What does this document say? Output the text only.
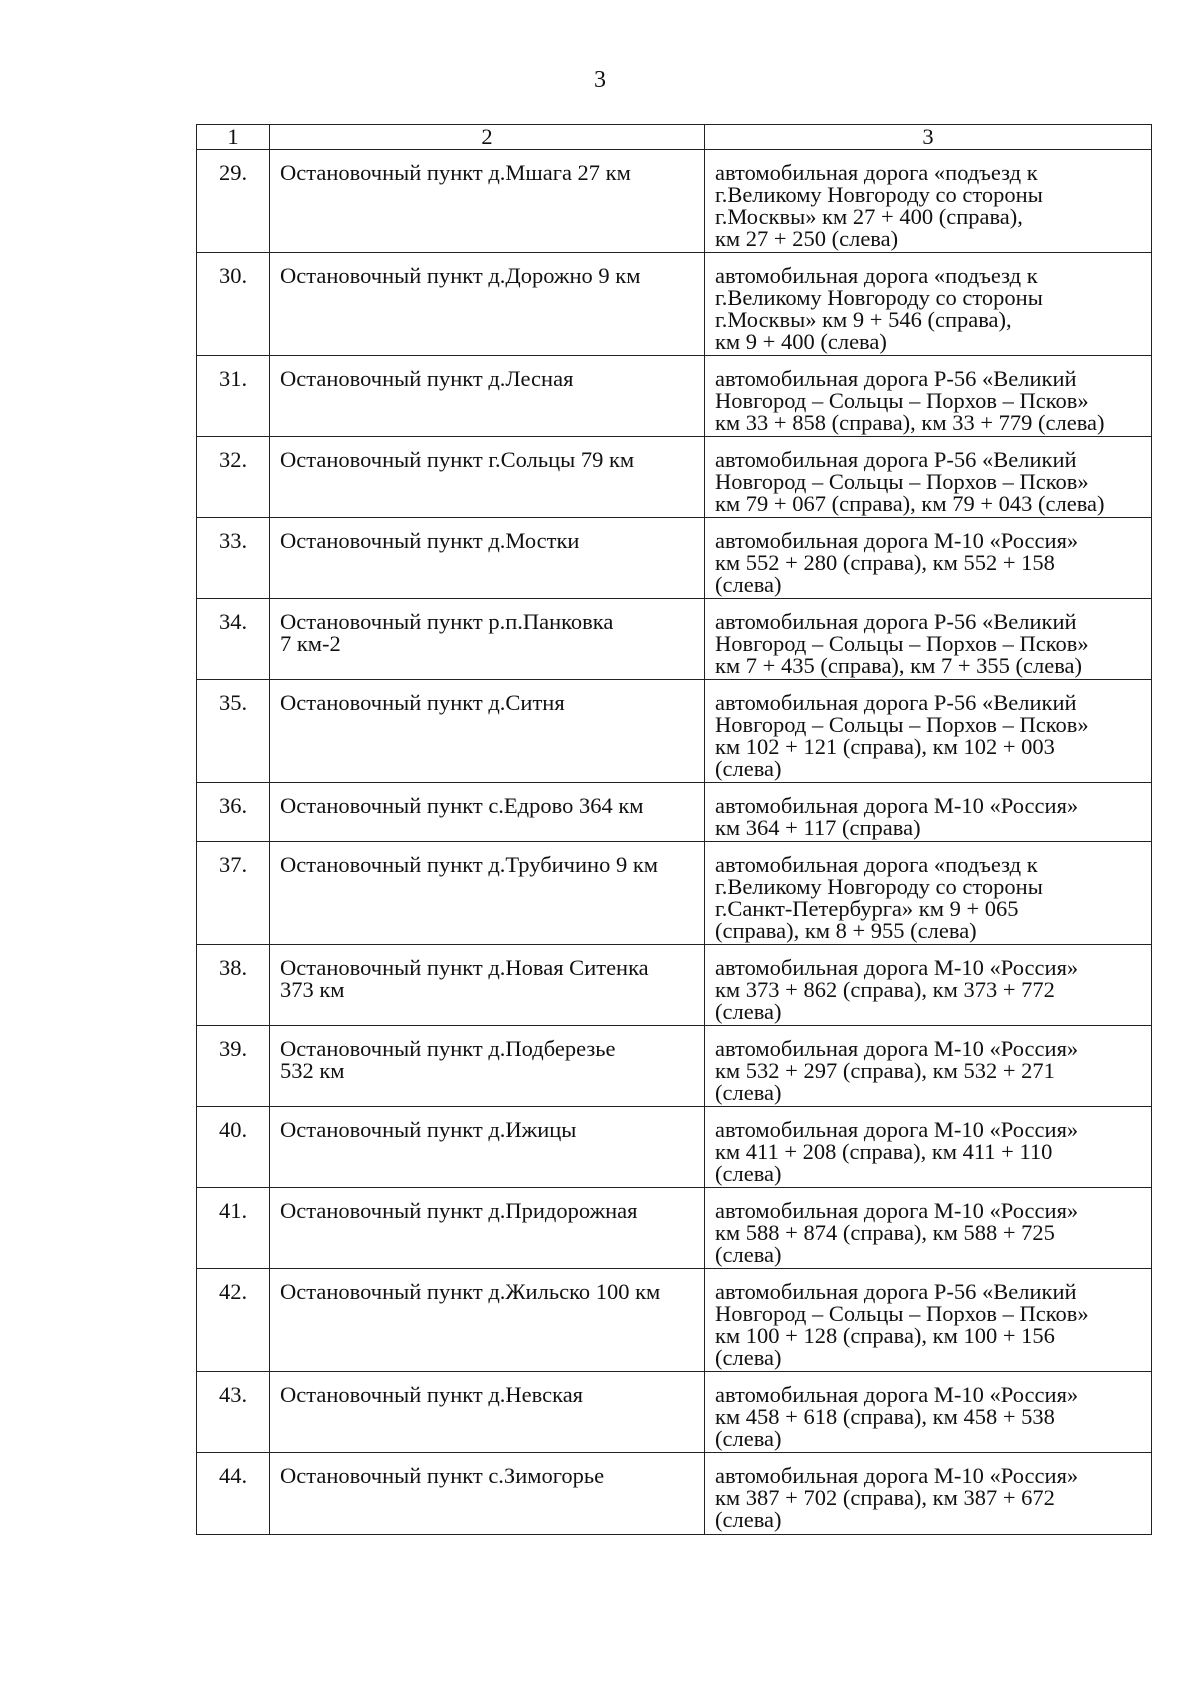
3
1	2	3
29.	Остановочный пункт д.Мшага 27 км	автомобильная дорога «подъезд к
г.Великому Новгороду со стороны
г.Москвы» км 27 + 400 (справа),
км 27 + 250 (слева)
30.	Остановочный пункт д.Дорожно 9 км	автомобильная дорога «подъезд к
г.Великому Новгороду со стороны
г.Москвы» км 9 + 546 (справа),
км 9 + 400 (слева)
31.	Остановочный пункт д.Лесная	автомобильная дорога Р-56 «Великий
Новгород – Сольцы – Порхов – Псков»
км 33 + 858 (справа), км 33 + 779 (слева)
32.	Остановочный пункт г.Сольцы 79 км	автомобильная дорога Р-56 «Великий
Новгород – Сольцы – Порхов – Псков»
км 79 + 067 (справа), км 79 + 043 (слева)
33.	Остановочный пункт д.Мостки	автомобильная дорога М-10 «Россия»
км 552 + 280 (справа), км 552 + 158
(слева)
34.	Остановочный пункт р.п.Панковка
7 км-2	автомобильная дорога Р-56 «Великий
Новгород – Сольцы – Порхов – Псков»
км 7 + 435 (справа), км 7 + 355 (слева)
35.	Остановочный пункт д.Ситня	автомобильная дорога Р-56 «Великий
Новгород – Сольцы – Порхов – Псков»
км 102 + 121 (справа), км 102 + 003
(слева)
36.	Остановочный пункт с.Едрово 364 км	автомобильная дорога М-10 «Россия»
км 364 + 117 (справа)
37.	Остановочный пункт д.Трубичино 9 км	автомобильная дорога «подъезд к
г.Великому Новгороду со стороны
г.Санкт-Петербурга» км 9 + 065
(справа), км 8 + 955 (слева)
38.	Остановочный пункт д.Новая Ситенка
373 км	автомобильная дорога М-10 «Россия»
км 373 + 862 (справа), км 373 + 772
(слева)
39.	Остановочный пункт д.Подберезье
532 км	автомобильная дорога М-10 «Россия»
км 532 + 297 (справа), км 532 + 271
(слева)
40.	Остановочный пункт д.Ижицы	автомобильная дорога М-10 «Россия»
км 411 + 208 (справа), км 411 + 110
(слева)
41.	Остановочный пункт д.Придорожная	автомобильная дорога М-10 «Россия»
км 588 + 874 (справа), км 588 + 725
(слева)
42.	Остановочный пункт д.Жильско 100 км	автомобильная дорога Р-56 «Великий
Новгород – Сольцы – Порхов – Псков»
км 100 + 128 (справа), км 100 + 156
(слева)
43.	Остановочный пункт д.Невская	автомобильная дорога М-10 «Россия»
км 458 + 618 (справа), км 458 + 538
(слева)
44.	Остановочный пункт с.Зимогорье	автомобильная дорога М-10 «Россия»
км 387 + 702 (справа), км 387 + 672
(слева)
